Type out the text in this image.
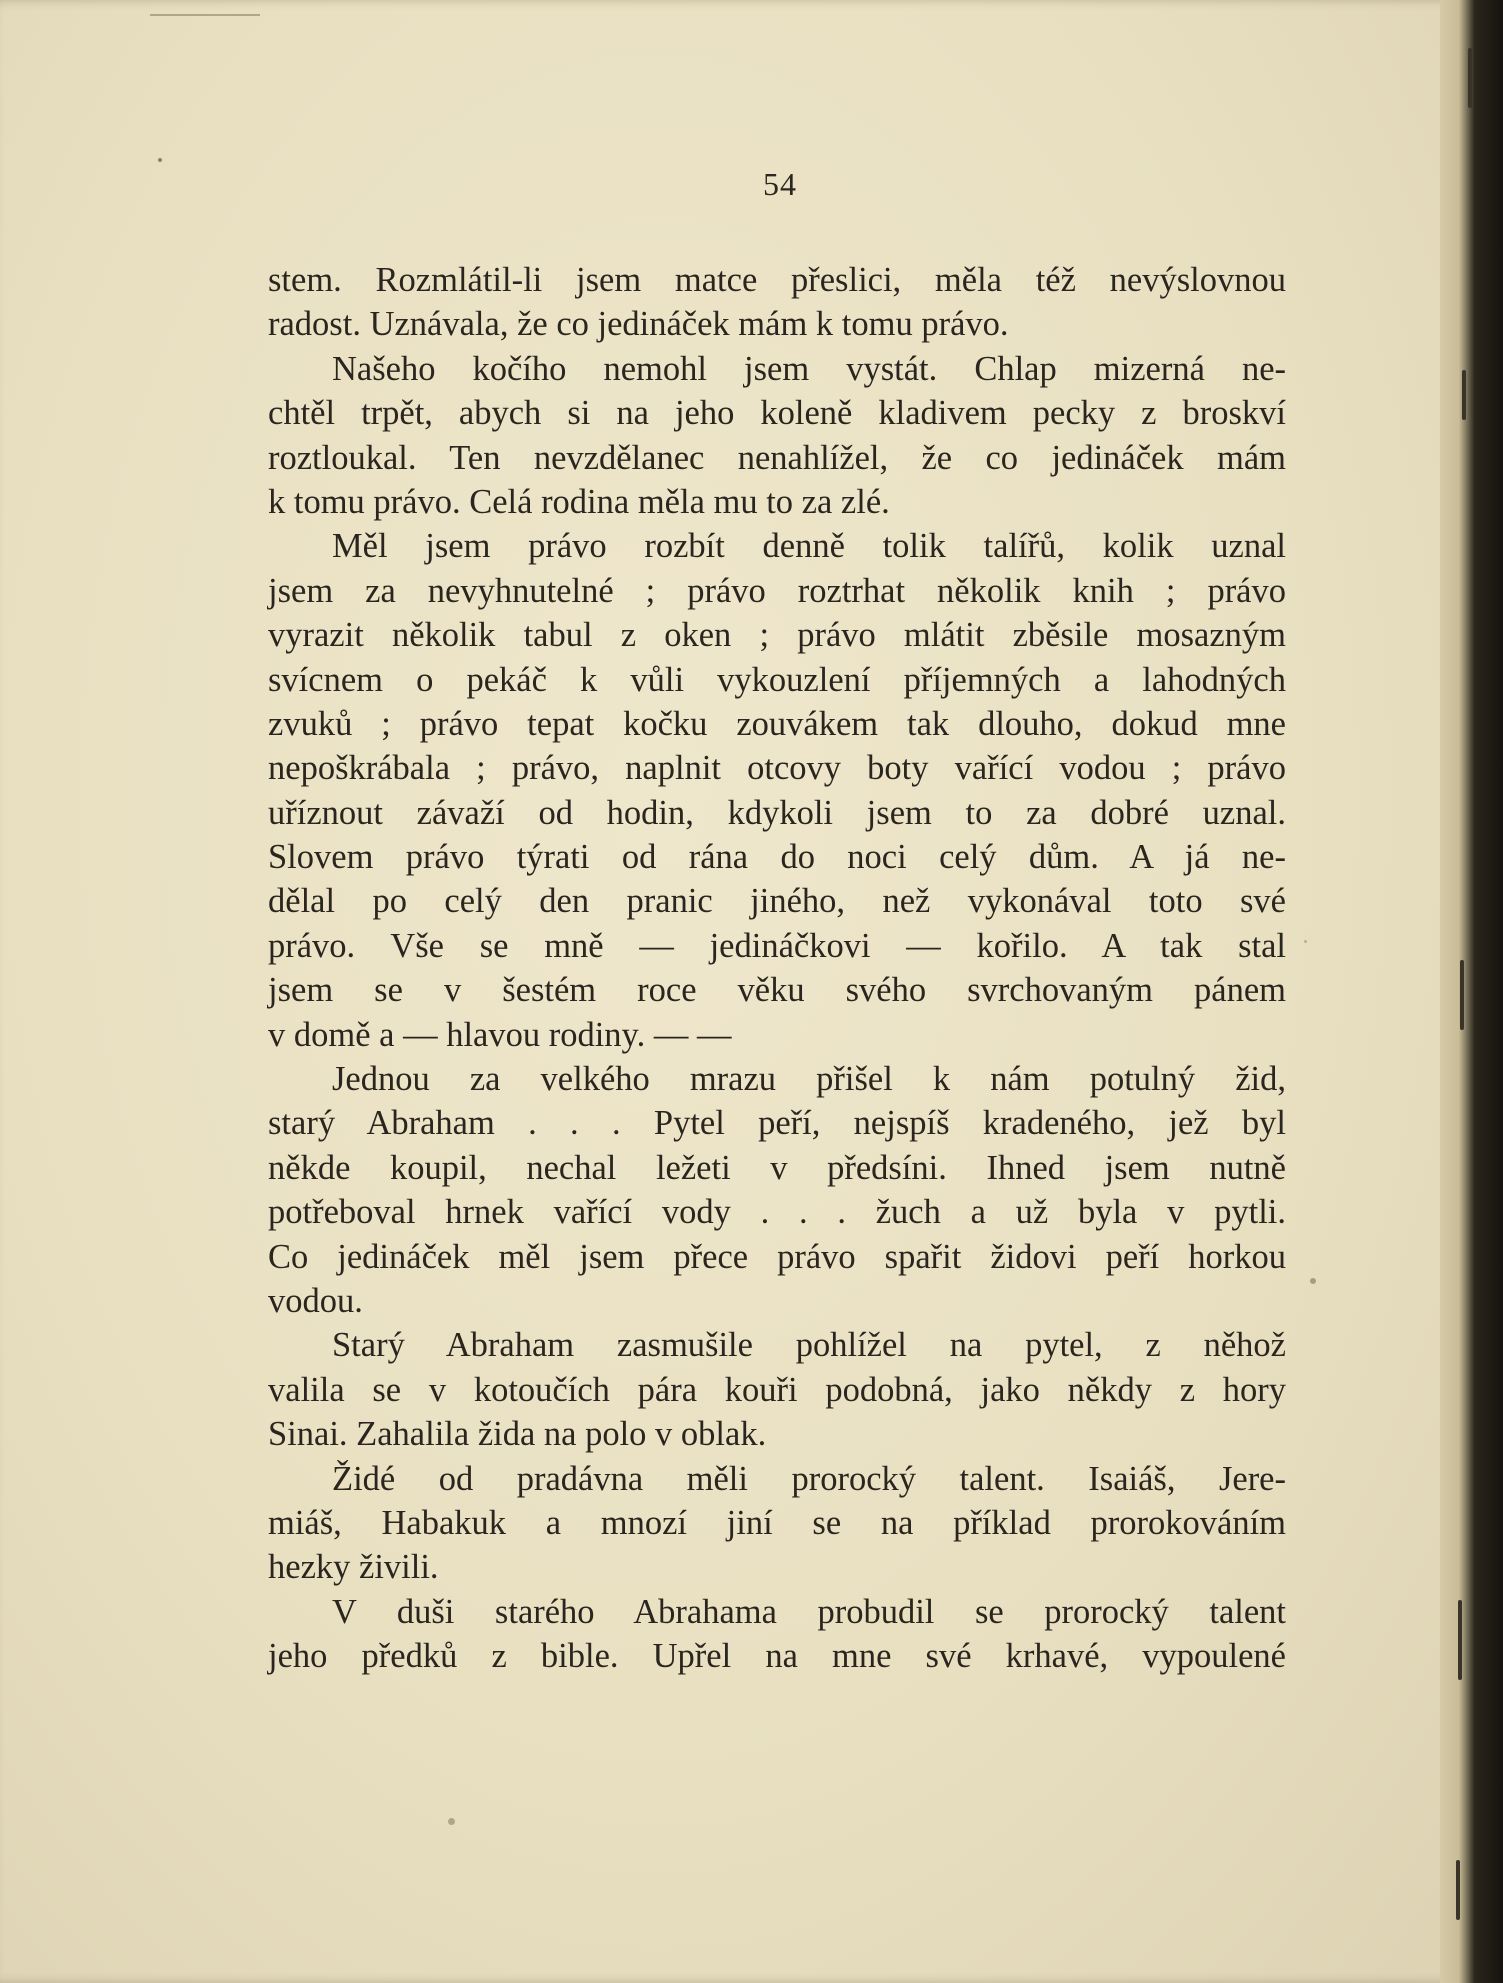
54
stem. Rozmlátil-li jsem matce přeslici, měla též nevýslovnou
radost. Uznávala, že co jedináček mám k tomu právo.
Našeho kočího nemohl jsem vystát. Chlap mizerná ne-
chtěl trpět, abych si na jeho koleně kladivem pecky z broskví
roztloukal. Ten nevzdělanec nenahlížel, že co jedináček mám
k tomu právo. Celá rodina měla mu to za zlé.
Měl jsem právo rozbít denně tolik talířů, kolik uznal
jsem za nevyhnutelné ; právo roztrhat několik knih ; právo
vyrazit několik tabul z oken ; právo mlátit zběsile mosazným
svícnem o pekáč k vůli vykouzlení příjemných a lahodných
zvuků ; právo tepat kočku zouvákem tak dlouho, dokud mne
nepoškrábala ; právo, naplnit otcovy boty vařící vodou ; právo
uříznout závaží od hodin, kdykoli jsem to za dobré uznal.
Slovem právo týrati od rána do noci celý dům. A já ne-
dělal po celý den pranic jiného, než vykonával toto své
právo. Vše se mně — jedináčkovi — kořilo. A tak stal
jsem se v šestém roce věku svého svrchovaným pánem
v domě a — hlavou rodiny. — —
Jednou za velkého mrazu přišel k nám potulný žid,
starý Abraham . . . Pytel peří, nejspíš kradeného, jež byl
někde koupil, nechal ležeti v předsíni. Ihned jsem nutně
potřeboval hrnek vařící vody . . . žuch a už byla v pytli.
Co jedináček měl jsem přece právo spařit židovi peří horkou
vodou.
Starý Abraham zasmušile pohlížel na pytel, z něhož
valila se v kotoučích pára kouři podobná, jako někdy z hory
Sinai. Zahalila žida na polo v oblak.
Židé od pradávna měli prorocký talent. Isaiáš, Jere-
miáš, Habakuk a mnozí jiní se na příklad prorokováním
hezky živili.
V duši starého Abrahama probudil se prorocký talent
jeho předků z bible. Upřel na mne své krhavé, vypoulené
